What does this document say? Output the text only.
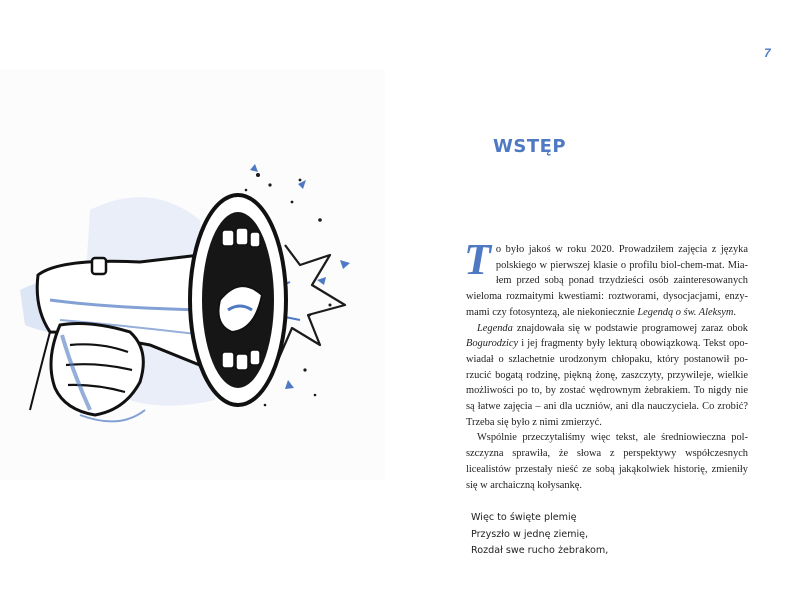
7
WSTĘP

To było jakoś w roku 2020. Prowadziłem zajęcia z języka polskiego w pierwszej klasie o profilu biol-chem-mat. Mia-łem przed sobą ponad trzydzieści osób zainteresowanych wieloma rozmaitymi kwestiami: roztworami, dysocjacjami, enzy-mami czy fotosyntezą, ale niekoniecznie Legendą o św. Aleksym.

Legenda znajdowała się w podstawie programowej zaraz obok Bogurodzicy i jej fragmenty były lekturą obowiązkową. Tekst opo-wiadał o szlachetnie urodzonym chłopaku, który postanowił po-rzucić bogatą rodzinę, piękną żonę, zaszczyty, przywileje, wielkie możliwości po to, by zostać wędrownym żebrakiem. To nigdy nie są łatwe zajęcia – ani dla uczniów, ani dla nauczyciela. Co zrobić? Trzeba się było z nimi zmierzyć.

Wspólnie przeczytaliśmy więc tekst, ale średniowieczna pol-szczyzna sprawiła, że słowa z perspektywy współczesnych licealistów przestały nieść ze sobą jakąkolwiek historię, zmieniły się w archaiczną kołysankę.

Więc to święte plemię
Przyszło w jednę ziemię,
Rozdał swe rucho żebrakom,
